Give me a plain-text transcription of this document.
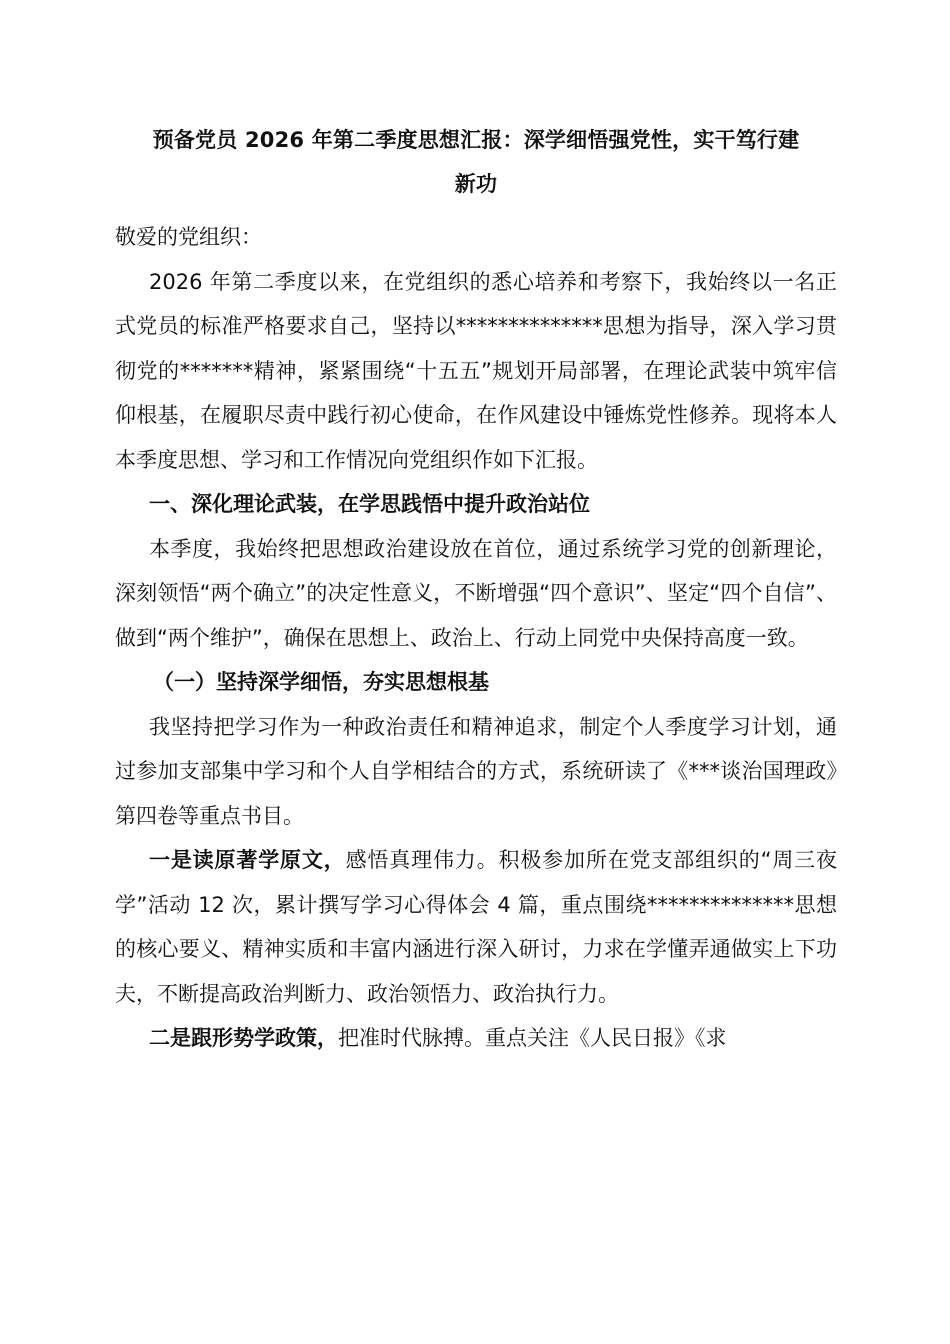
预备党员 2026 年第二季度思想汇报：深学细悟强党性，实干笃行建
新功

敬爱的党组织：

2026 年第二季度以来，在党组织的悉心培养和考察下，我始终以一名正式党员的标准严格要求自己，坚持以**************思想为指导，深入学习贯彻党的*******精神，紧紧围绕“十五五”规划开局部署，在理论武装中筑牢信仰根基，在履职尽责中践行初心使命，在作风建设中锤炼党性修养。现将本人本季度思想、学习和工作情况向党组织作如下汇报。

一、深化理论武装，在学思践悟中提升政治站位

本季度，我始终把思想政治建设放在首位，通过系统学习党的创新理论，深刻领悟“两个确立”的决定性意义，不断增强“四个意识”、坚定“四个自信”、做到“两个维护”，确保在思想上、政治上、行动上同党中央保持高度一致。

（一）坚持深学细悟，夯实思想根基

我坚持把学习作为一种政治责任和精神追求，制定个人季度学习计划，通过参加支部集中学习和个人自学相结合的方式，系统研读了《***谈治国理政》第四卷等重点书目。

一是读原著学原文，感悟真理伟力。积极参加所在党支部组织的“周三夜学”活动 12 次，累计撰写学习心得体会 4 篇，重点围绕**************思想的核心要义、精神实质和丰富内涵进行深入研讨，力求在学懂弄通做实上下功夫，不断提高政治判断力、政治领悟力、政治执行力。

二是跟形势学政策，把准时代脉搏。重点关注《人民日报》《求
